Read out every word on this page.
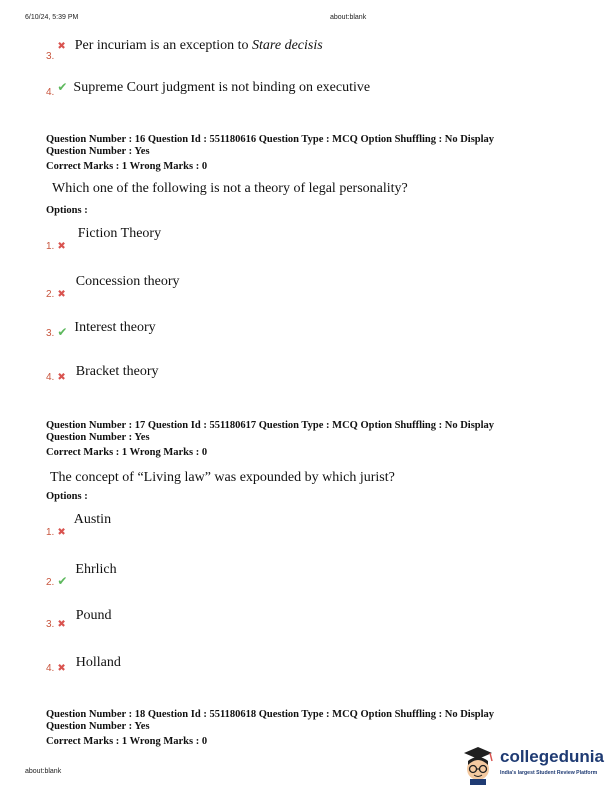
6/10/24, 5:39 PM	about:blank
$_{3.}$✖ Per incuriam is an exception to Stare decisis
$_{4.}$ ✔ Supreme Court judgment is not binding on executive
Question Number : 16 Question Id : 551180616 Question Type : MCQ Option Shuffling : No Display
Question Number : Yes
Correct Marks : 1 Wrong Marks : 0
Which one of the following is not a theory of legal personality?
Options :
$_{1.}$ ✖ Fiction Theory
$_{2.}$ ✖ Concession theory
$_{3.}$ ✔ Interest theory
$_{4.}$ ✖ Bracket theory
Question Number : 17 Question Id : 551180617 Question Type : MCQ Option Shuffling : No Display
Question Number : Yes
Correct Marks : 1 Wrong Marks : 0
The concept of “Living law” was expounded by which jurist?
Options :
$_{1.}$ ✖ Austin
$_{2.}$ ✔ Ehrlich
$_{3.}$ ✖ Pound
$_{4.}$ ✖ Holland
Question Number : 18 Question Id : 551180618 Question Type : MCQ Option Shuffling : No Display
Question Number : Yes
Correct Marks : 1 Wrong Marks : 0
about:blank
collegedunia
India's largest Student Review Platform
